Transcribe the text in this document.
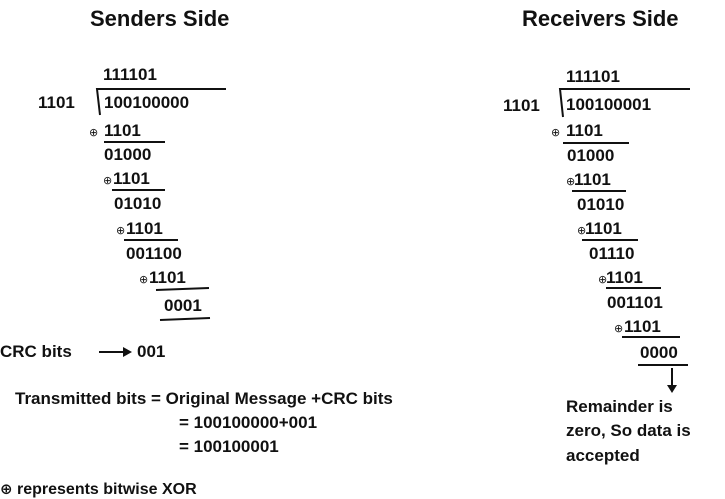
Senders Side	Receivers Side
111101
1101 100100000
⊕ 1101
01000
⊕ 1101
01010
⊕ 1101
001100
⊕ 1101
0001
CRC bits	001
Transmitted bits = Original Message +CRC bits
= 100100000+001
= 100100001
⊕ represents bitwise XOR
111101
1101 100100001
⊕ 1101
01000
⊕
1101
01010
⊕
1101
01110
⊕
1101
001101
⊕ 1101
0000
Remainder is
zero, So data is
accepted
